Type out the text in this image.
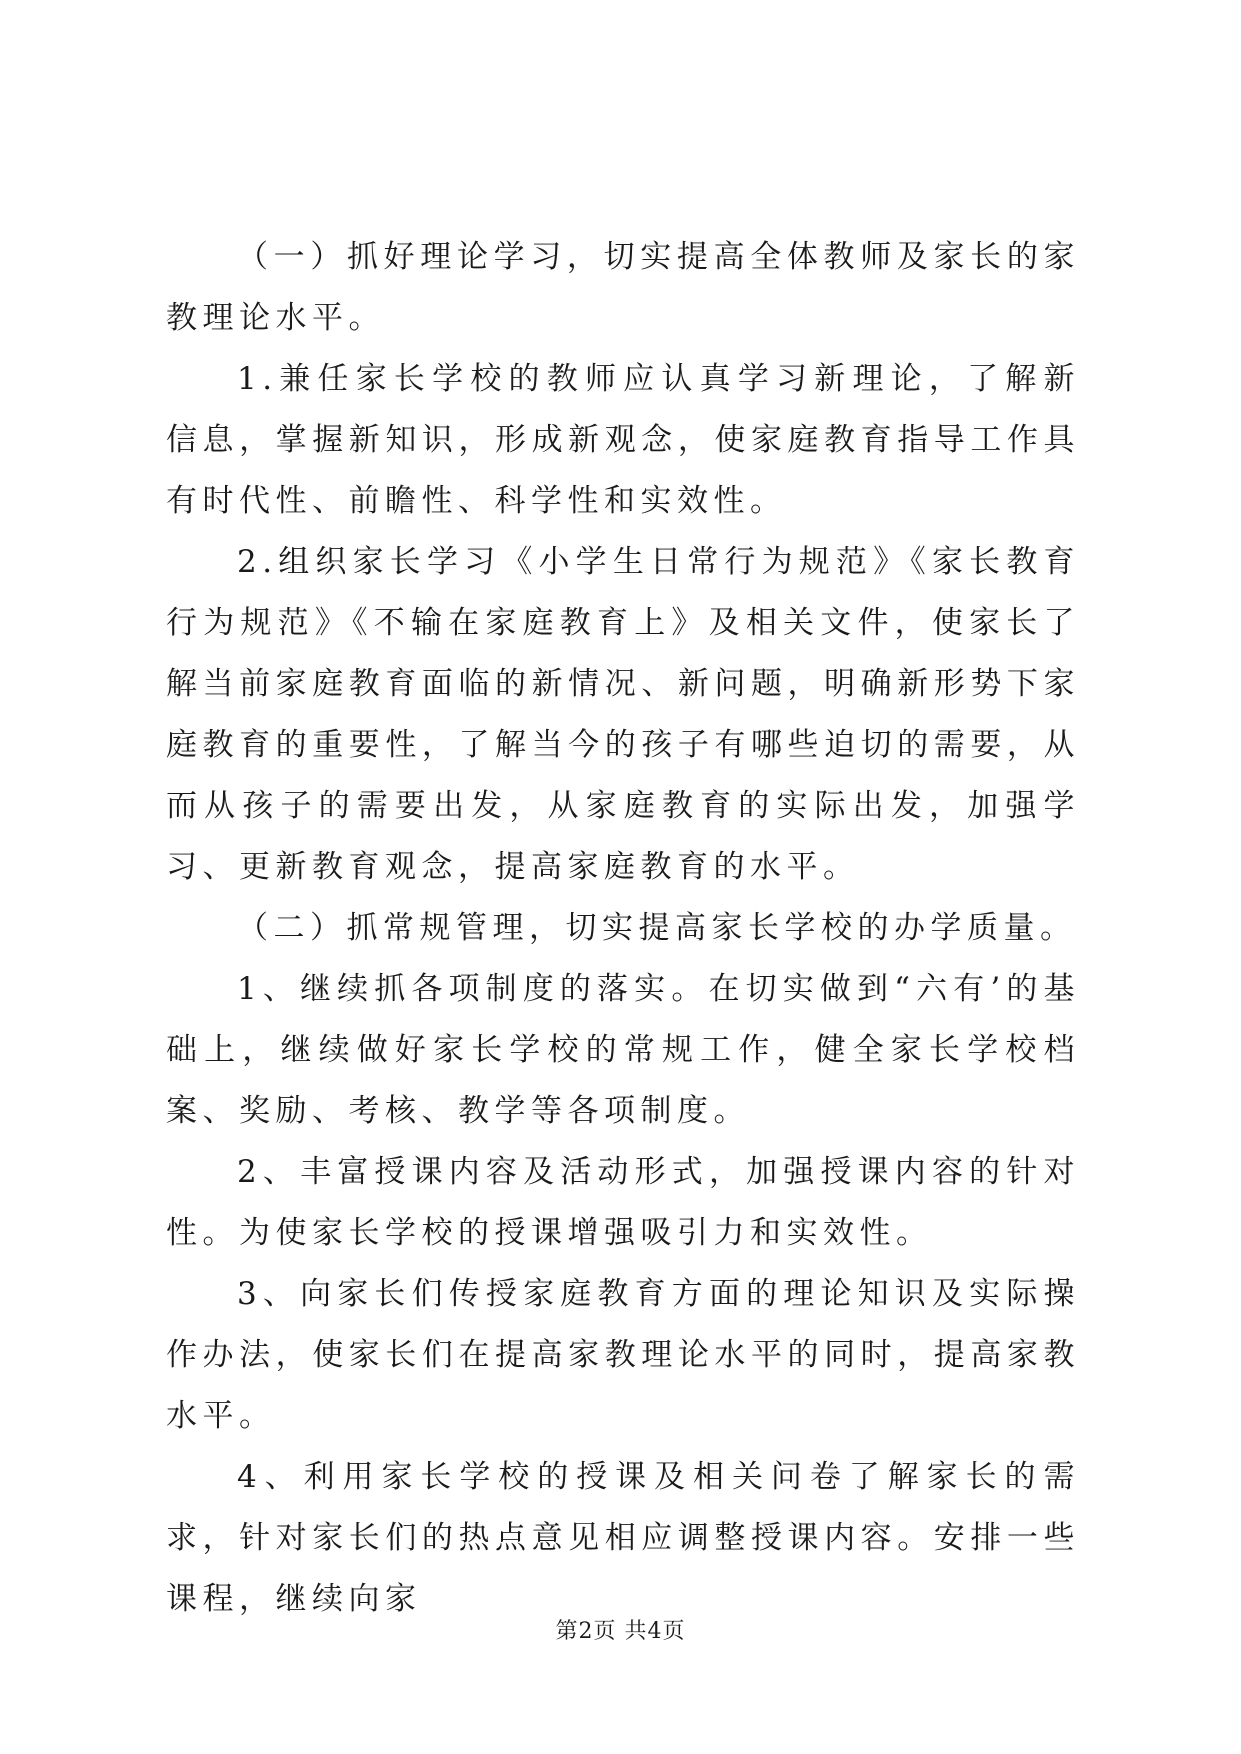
（一）抓好理论学习，切实提高全体教师及家长的家教理论水平。

1.兼任家长学校的教师应认真学习新理论，了解新信息，掌握新知识，形成新观念，使家庭教育指导工作具有时代性、前瞻性、科学性和实效性。

2.组织家长学习《小学生日常行为规范》《家长教育行为规范》《不输在家庭教育上》及相关文件，使家长了解当前家庭教育面临的新情况、新问题，明确新形势下家庭教育的重要性，了解当今的孩子有哪些迫切的需要，从而从孩子的需要出发，从家庭教育的实际出发，加强学习、更新教育观念，提高家庭教育的水平。

（二）抓常规管理，切实提高家长学校的办学质量。

1、继续抓各项制度的落实。在切实做到“六有’的基础上，继续做好家长学校的常规工作，健全家长学校档案、奖励、考核、教学等各项制度。

2、丰富授课内容及活动形式，加强授课内容的针对性。为使家长学校的授课增强吸引力和实效性。

3、向家长们传授家庭教育方面的理论知识及实际操作办法，使家长们在提高家教理论水平的同时，提高家教水平。

4、利用家长学校的授课及相关问卷了解家长的需求，针对家长们的热点意见相应调整授课内容。安排一些课程，继续向家

第2页 共4页
